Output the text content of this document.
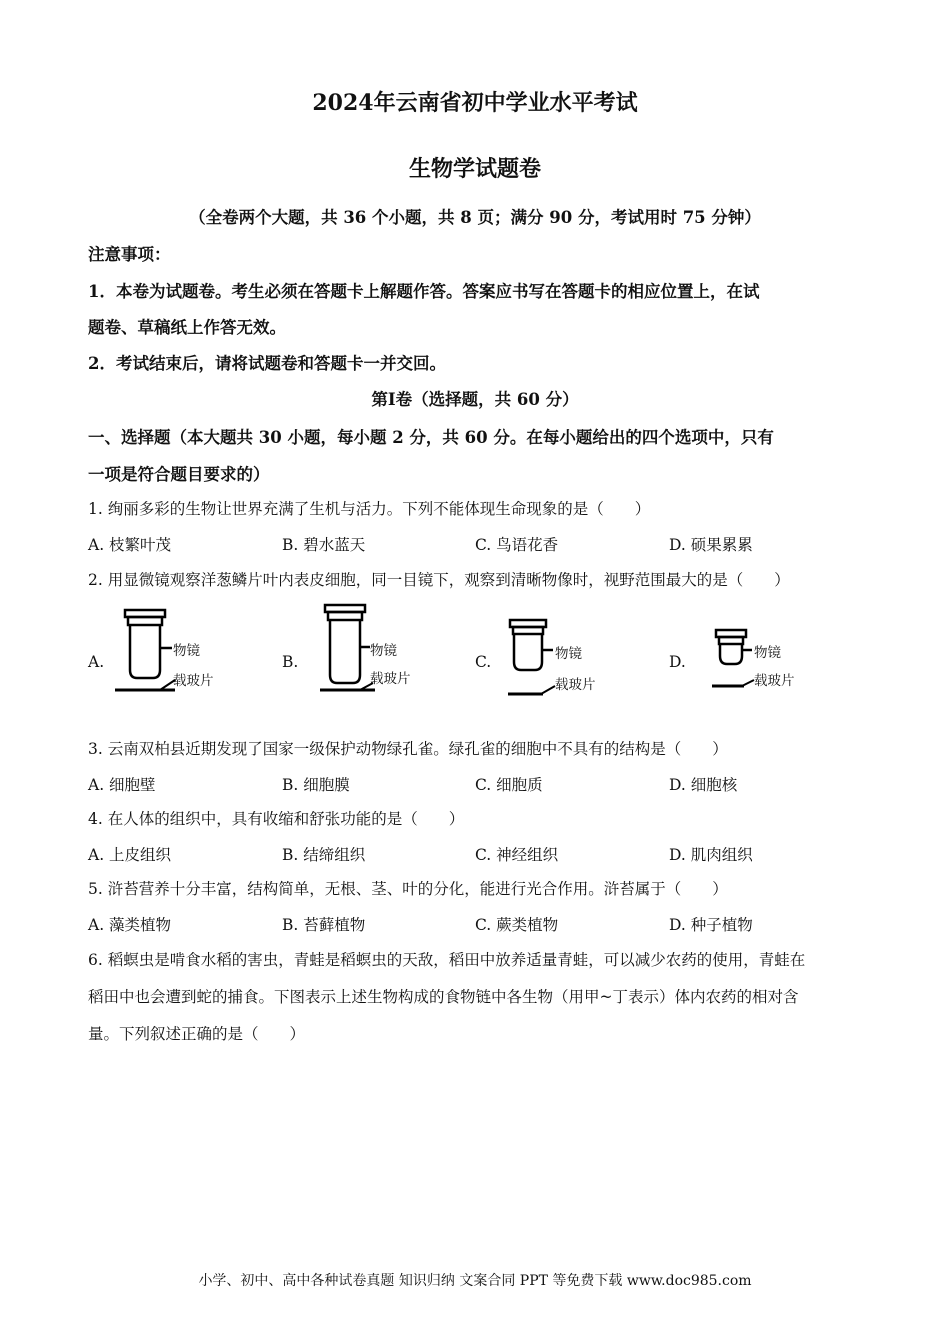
2024年云南省初中学业水平考试
生物学试题卷
（全卷两个大题，共 36 个小题，共 8 页；满分 90 分，考试用时 75 分钟）
注意事项：
1．本卷为试题卷。考生必须在答题卡上解题作答。答案应书写在答题卡的相应位置上，在试
题卷、草稿纸上作答无效。
2．考试结束后，请将试题卷和答题卡一并交回。
第Ⅰ卷（选择题，共 60 分）
一、选择题（本大题共 30 小题，每小题 2 分，共 60 分。在每小题给出的四个选项中，只有
一项是符合题目要求的）
1. 绚丽多彩的生物让世界充满了生机与活力。下列不能体现生命现象的是（　　）
A. 枝繁叶茂	B. 碧水蓝天	C. 鸟语花香	D. 硕果累累
2. 用显微镜观察洋葱鳞片叶内表皮细胞，同一目镜下，观察到清晰物像时，视野范围最大的是（　　）
A.	B.	C.	D.
物镜
载玻片
物镜
载玻片
物镜
载玻片
物镜
载玻片
3. 云南双柏县近期发现了国家一级保护动物绿孔雀。绿孔雀的细胞中不具有的结构是（　　）
A. 细胞壁	B. 细胞膜	C. 细胞质	D. 细胞核
4. 在人体的组织中，具有收缩和舒张功能的是（　　）
A. 上皮组织	B. 结缔组织	C. 神经组织	D. 肌肉组织
5. 浒苔营养十分丰富，结构简单，无根、茎、叶的分化，能进行光合作用。浒苔属于（　　）
A. 藻类植物	B. 苔藓植物	C. 蕨类植物	D. 种子植物
6. 稻螟虫是啃食水稻的害虫，青蛙是稻螟虫的天敌，稻田中放养适量青蛙，可以减少农药的使用，青蛙在
稻田中也会遭到蛇的捕食。下图表示上述生物构成的食物链中各生物（用甲~丁表示）体内农药的相对含
量。下列叙述正确的是（　　）
小学、初中、高中各种试卷真题 知识归纳 文案合同 PPT 等免费下载 www.doc985.com
